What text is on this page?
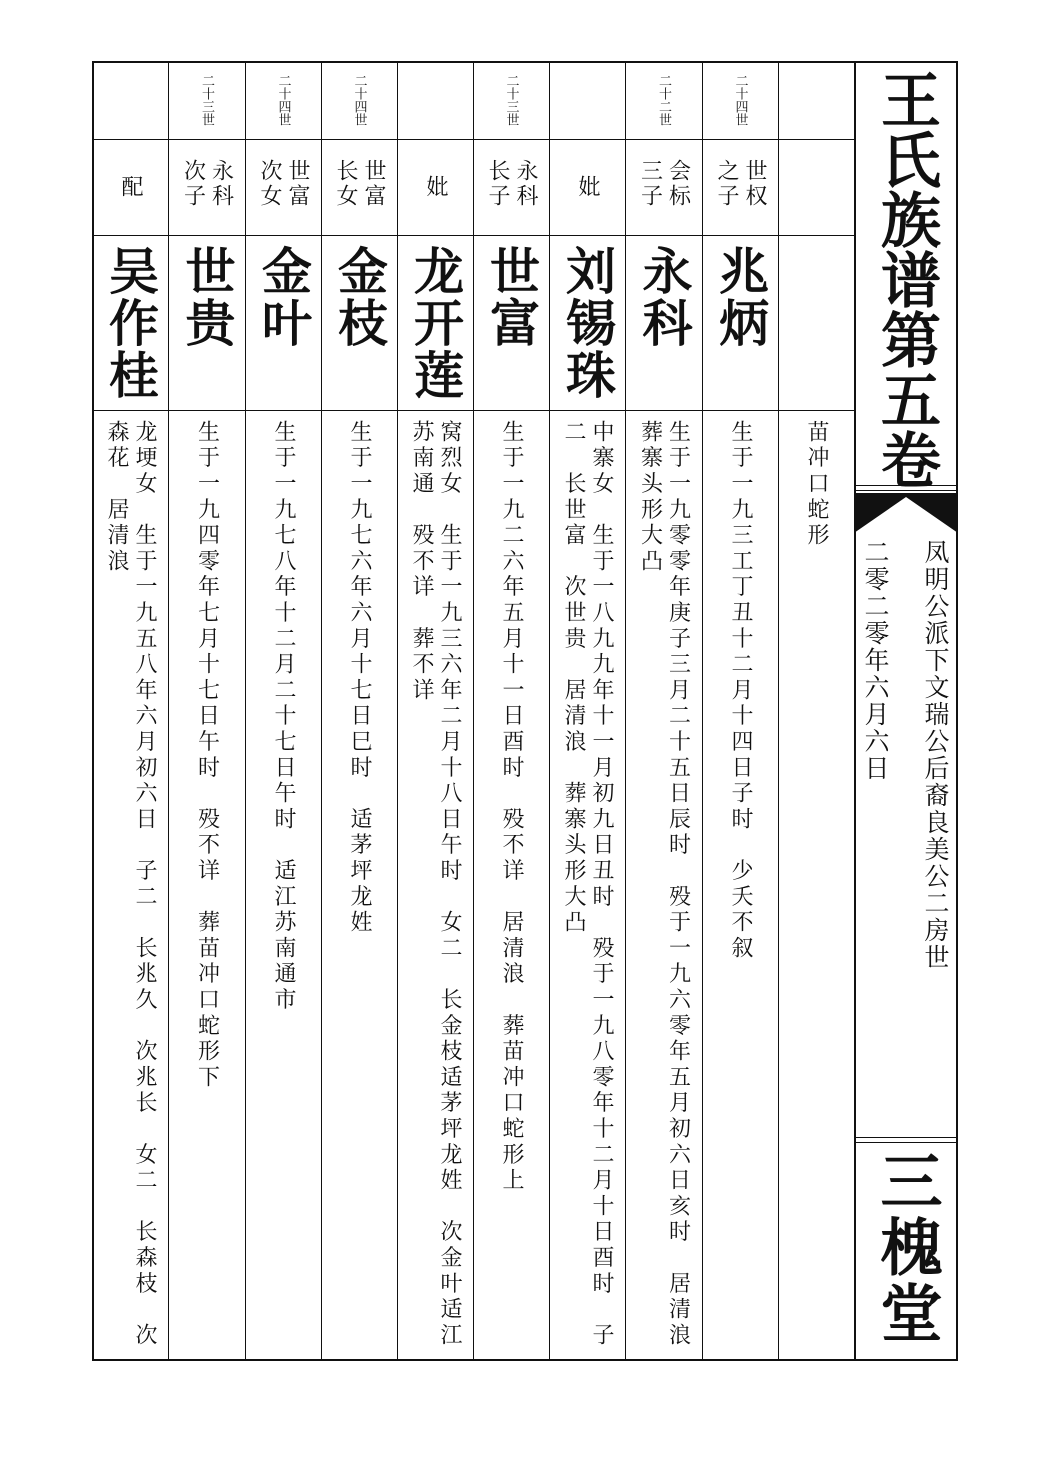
苗冲口蛇形
二十四世
世权之子
兆炳
生于一九三工丁丑十二月十四日子时　少夭不叙
二十二世
会标三子
永科
生于一九零零年庚子三月二十五日辰时　殁于一九六零年五月初六日亥时　居清浪　葬寨头形大凸
妣
刘锡珠
中寨女　生于一八九九年十一月初九日丑时　殁于一九八零年十二月十日酉时　子二　长世富　次世贵　居清浪　葬寨头形大凸
二十三世
永科长子
世富
生于一九二六年五月十一日酉时　殁不详　居清浪　葬苗冲口蛇形上
妣
龙开莲
窝烈女　生于一九三六年二月十八日午时　女二　长金枝适茅坪龙姓　次金叶适江苏南通　殁不详　葬不详
二十四世
世富长女
金枝
生于一九七六年六月十七日巳时　适茅坪龙姓
二十四世
世富次女
金叶
生于一九七八年十二月二十七日午时　适江苏南通市
二十三世
永科次子
世贵
生于一九四零年七月十七日午时　殁不详　葬苗冲口蛇形下
配
吴作桂
龙埂女　生于一九五八年六月初六日　子二　长兆久　次兆长　女二　长森枝　次森花　居清浪
王氏族谱第五卷
凤明公派下文瑞公后裔良美公二房世
二零二零年六月六日
三槐堂
